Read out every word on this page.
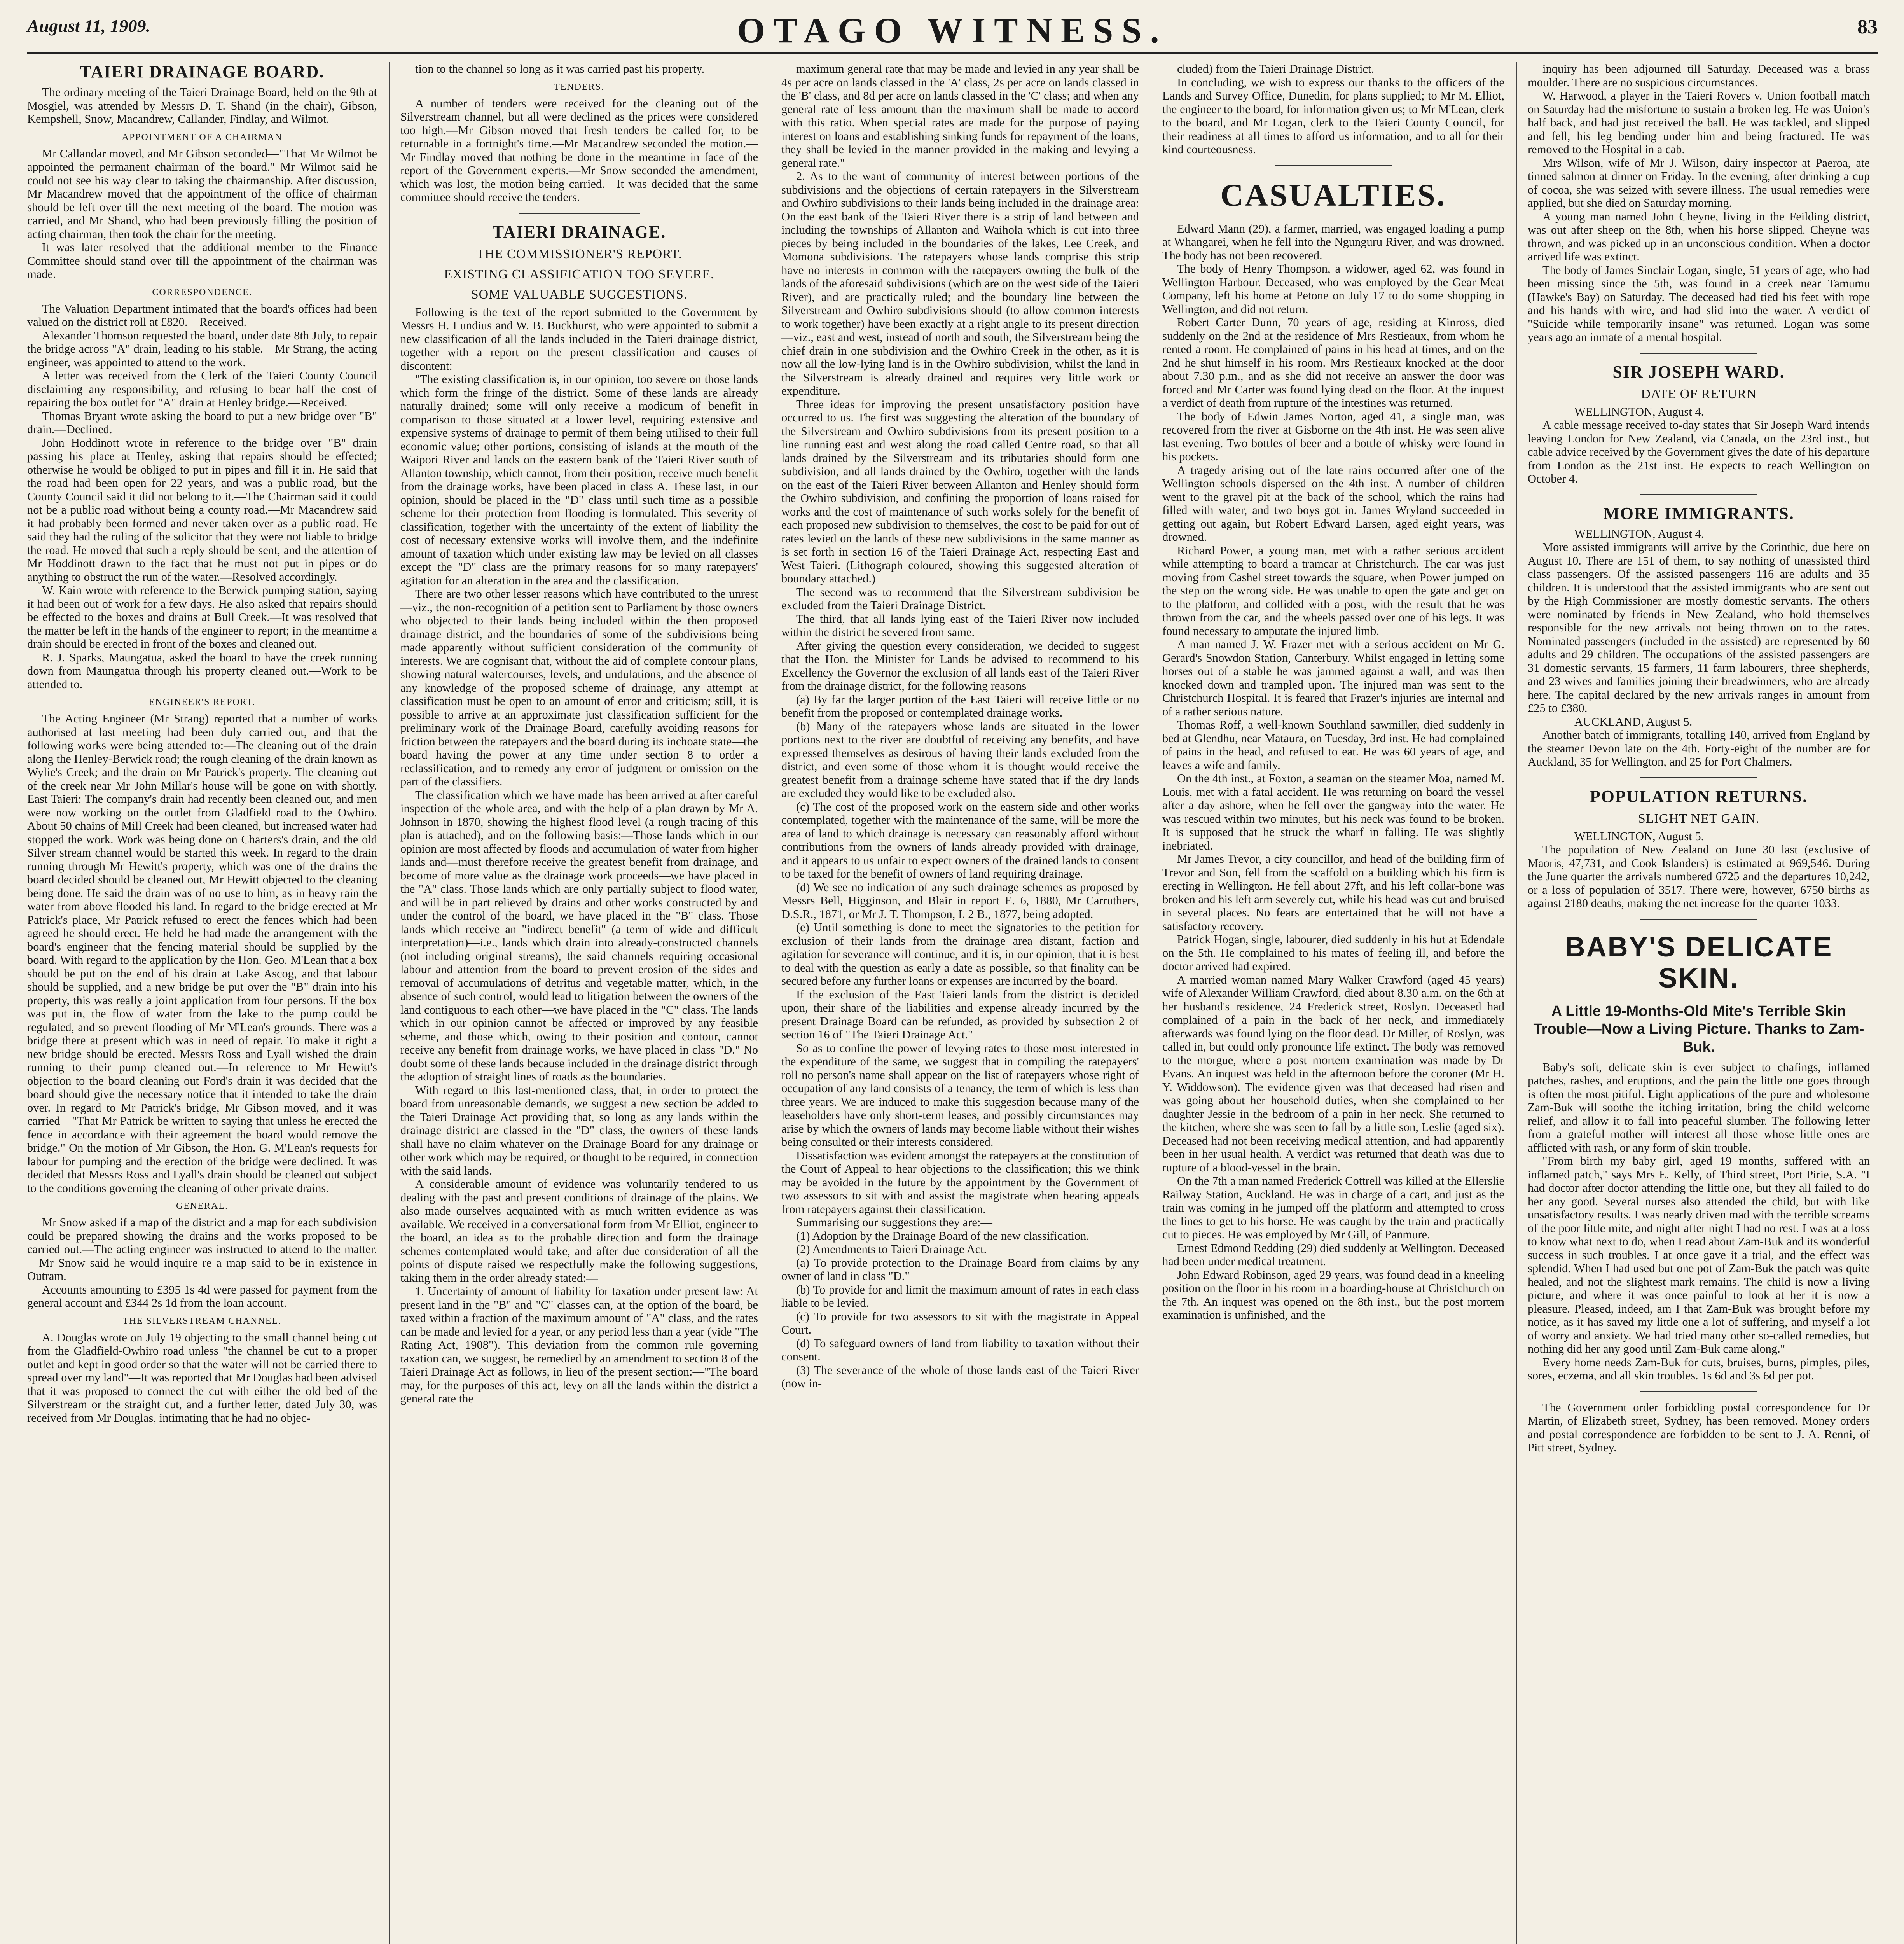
August 11, 1909.	OTAGO WITNESS.	83
TAIERI DRAINAGE BOARD.

The ordinary meeting of the Taieri Drainage Board, held on the 9th at Mosgiel, was attended by Messrs D. T. Shand (in the chair), Gibson, Kempshell, Snow, Macandrew, Callander, Findlay, and Wilmot.

APPOINTMENT OF A CHAIRMAN

Mr Callandar moved, and Mr Gibson seconded—"That Mr Wilmot be appointed the permanent chairman of the board." Mr Wilmot said he could not see his way clear to taking the chairmanship. After discussion, Mr Macandrew moved that the appointment of the office of chairman should be left over till the next meeting of the board. The motion was carried, and Mr Shand, who had been previously filling the position of acting chairman, then took the chair for the meeting.

It was later resolved that the additional member to the Finance Committee should stand over till the appointment of the chairman was made.

CORRESPONDENCE.

The Valuation Department intimated that the board's offices had been valued on the district roll at £820.—Received.

Alexander Thomson requested the board, under date 8th July, to repair the bridge across "A" drain, leading to his stable.—Mr Strang, the acting engineer, was appointed to attend to the work.

A letter was received from the Clerk of the Taieri County Council disclaiming any responsibility, and refusing to bear half the cost of repairing the box outlet for "A" drain at Henley bridge.—Received.

Thomas Bryant wrote asking the board to put a new bridge over "B" drain.—Declined.

John Hoddinott wrote in reference to the bridge over "B" drain passing his place at Henley, asking that repairs should be effected; otherwise he would be obliged to put in pipes and fill it in. He said that the road had been open for 22 years, and was a public road, but the County Council said it did not belong to it.—The Chairman said it could not be a public road without being a county road.—Mr Macandrew said it had probably been formed and never taken over as a public road. He said they had the ruling of the solicitor that they were not liable to bridge the road. He moved that such a reply should be sent, and the attention of Mr Hoddinott drawn to the fact that he must not put in pipes or do anything to obstruct the run of the water.—Resolved accordingly.

W. Kain wrote with reference to the Berwick pumping station, saying it had been out of work for a few days. He also asked that repairs should be effected to the boxes and drains at Bull Creek.—It was resolved that the matter be left in the hands of the engineer to report; in the meantime a drain should be erected in front of the boxes and cleaned out.

R. J. Sparks, Maungatua, asked the board to have the creek running down from Maungatua through his property cleaned out.—Work to be attended to.

ENGINEER'S REPORT.

The Acting Engineer (Mr Strang) reported that a number of works authorised at last meeting had been duly carried out, and that the following works were being attended to:—The cleaning out of the drain along the Henley-Berwick road; the rough cleaning of the drain known as Wylie's Creek; and the drain on Mr Patrick's property. The cleaning out of the creek near Mr John Millar's house will be gone on with shortly. East Taieri: The company's drain had recently been cleaned out, and men were now working on the outlet from Gladfield road to the Owhiro. About 50 chains of Mill Creek had been cleaned, but increased water had stopped the work. Work was being done on Charters's drain, and the old Silver stream channel would be started this week. In regard to the drain running through Mr Hewitt's property, which was one of the drains the board decided should be cleaned out, Mr Hewitt objected to the cleaning being done. He said the drain was of no use to him, as in heavy rain the water from above flooded his land. In regard to the bridge erected at Mr Patrick's place, Mr Patrick refused to erect the fences which had been agreed he should erect. He held he had made the arrangement with the board's engineer that the fencing material should be supplied by the board. With regard to the application by the Hon. Geo. M'Lean that a box should be put on the end of his drain at Lake Ascog, and that labour should be supplied, and a new bridge be put over the "B" drain into his property, this was really a joint application from four persons. If the box was put in, the flow of water from the lake to the pump could be regulated, and so prevent flooding of Mr M'Lean's grounds. There was a bridge there at present which was in need of repair. To make it right a new bridge should be erected. Messrs Ross and Lyall wished the drain running to their pump cleaned out.—In reference to Mr Hewitt's objection to the board cleaning out Ford's drain it was decided that the board should give the necessary notice that it intended to take the drain over. In regard to Mr Patrick's bridge, Mr Gibson moved, and it was carried—"That Mr Patrick be written to saying that unless he erected the fence in accordance with their agreement the board would remove the bridge." On the motion of Mr Gibson, the Hon. G. M'Lean's requests for labour for pumping and the erection of the bridge were declined. It was decided that Messrs Ross and Lyall's drain should be cleaned out subject to the conditions governing the cleaning of other private drains.

GENERAL.

Mr Snow asked if a map of the district and a map for each subdivision could be prepared showing the drains and the works proposed to be carried out.—The acting engineer was instructed to attend to the matter.—Mr Snow said he would inquire re a map said to be in existence in Outram.

Accounts amounting to £395 1s 4d were passed for payment from the general account and £344 2s 1d from the loan account.

THE SILVERSTREAM CHANNEL.

A. Douglas wrote on July 19 objecting to the small channel being cut from the Gladfield-Owhiro road unless "the channel be cut to a proper outlet and kept in good order so that the water will not be carried there to spread over my land"—It was reported that Mr Douglas had been advised that it was proposed to connect the cut with either the old bed of the Silverstream or the straight cut, and a further letter, dated July 30, was received from Mr Douglas, intimating that he had no objec-

tion to the channel so long as it was carried past his property.

TENDERS.

A number of tenders were received for the cleaning out of the Silverstream channel, but all were declined as the prices were considered too high.—Mr Gibson moved that fresh tenders be called for, to be returnable in a fortnight's time.—Mr Macandrew seconded the motion.—Mr Findlay moved that nothing be done in the meantime in face of the report of the Government experts.—Mr Snow seconded the amendment, which was lost, the motion being carried.—It was decided that the same committee should receive the tenders.

TAIERI DRAINAGE.
THE COMMISSIONER'S REPORT.
EXISTING CLASSIFICATION TOO SEVERE.
SOME VALUABLE SUGGESTIONS.

Following is the text of the report submitted to the Government by Messrs H. Lundius and W. B. Buckhurst, who were appointed to submit a new classification of all the lands included in the Taieri drainage district, together with a report on the present classification and causes of discontent:—

"The existing classification is, in our opinion, too severe on those lands which form the fringe of the district. Some of these lands are already naturally drained; some will only receive a modicum of benefit in comparison to those situated at a lower level, requiring extensive and expensive systems of drainage to permit of them being utilised to their full economic value; other portions, consisting of islands at the mouth of the Waipori River and lands on the eastern bank of the Taieri River south of Allanton township, which cannot, from their position, receive much benefit from the drainage works, have been placed in class A. These last, in our opinion, should be placed in the "D" class until such time as a possible scheme for their protection from flooding is formulated. This severity of classification, together with the uncertainty of the extent of liability the cost of necessary extensive works will involve them, and the indefinite amount of taxation which under existing law may be levied on all classes except the "D" class are the primary reasons for so many ratepayers' agitation for an alteration in the area and the classification.

There are two other lesser reasons which have contributed to the unrest—viz., the non-recognition of a petition sent to Parliament by those owners who objected to their lands being included within the then proposed drainage district, and the boundaries of some of the subdivisions being made apparently without sufficient consideration of the community of interests. We are cognisant that, without the aid of complete contour plans, showing natural watercourses, levels, and undulations, and the absence of any knowledge of the proposed scheme of drainage, any attempt at classification must be open to an amount of error and criticism; still, it is possible to arrive at an approximate just classification sufficient for the preliminary work of the Drainage Board, carefully avoiding reasons for friction between the ratepayers and the board during its inchoate state—the board having the power at any time under section 8 to order a reclassification, and to remedy any error of judgment or omission on the part of the classifiers.

The classification which we have made has been arrived at after careful inspection of the whole area, and with the help of a plan drawn by Mr A. Johnson in 1870, showing the highest flood level (a rough tracing of this plan is attached), and on the following basis:—Those lands which in our opinion are most affected by floods and accumulation of water from higher lands and—must therefore receive the greatest benefit from drainage, and become of more value as the drainage work proceeds—we have placed in the "A" class. Those lands which are only partially subject to flood water, and will be in part relieved by drains and other works constructed by and under the control of the board, we have placed in the "B" class. Those lands which receive an "indirect benefit" (a term of wide and difficult interpretation)—i.e., lands which drain into already-constructed channels (not including original streams), the said channels requiring occasional labour and attention from the board to prevent erosion of the sides and removal of accumulations of detritus and vegetable matter, which, in the absence of such control, would lead to litigation between the owners of the land contiguous to each other—we have placed in the "C" class. The lands which in our opinion cannot be affected or improved by any feasible scheme, and those which, owing to their position and contour, cannot receive any benefit from drainage works, we have placed in class "D." No doubt some of these lands because included in the drainage district through the adoption of straight lines of roads as the boundaries.

With regard to this last-mentioned class, that, in order to protect the board from unreasonable demands, we suggest a new section be added to the Taieri Drainage Act providing that, so long as any lands within the drainage district are classed in the "D" class, the owners of these lands shall have no claim whatever on the Drainage Board for any drainage or other work which may be required, or thought to be required, in connection with the said lands.

A considerable amount of evidence was voluntarily tendered to us dealing with the past and present conditions of drainage of the plains. We also made ourselves acquainted with as much written evidence as was available. We received in a conversational form from Mr Elliot, engineer to the board, an idea as to the probable direction and form the drainage schemes contemplated would take, and after due consideration of all the points of dispute raised we respectfully make the following suggestions, taking them in the order already stated:—

1. Uncertainty of amount of liability for taxation under present law: At present land in the "B" and "C" classes can, at the option of the board, be taxed within a fraction of the maximum amount of "A" class, and the rates can be made and levied for a year, or any period less than a year (vide "The Rating Act, 1908"). This deviation from the common rule governing taxation can, we suggest, be remedied by an amendment to section 8 of the Taieri Drainage Act as follows, in lieu of the present section:—"The board may, for the purposes of this act, levy on all the lands within the district a general rate the

maximum general rate that may be made and levied in any year shall be 4s per acre on lands classed in the 'A' class, 2s per acre on lands classed in the 'B' class, and 8d per acre on lands classed in the 'C' class; and when any general rate of less amount than the maximum shall be made to accord with this ratio. When special rates are made for the purpose of paying interest on loans and establishing sinking funds for repayment of the loans, they shall be levied in the manner provided in the making and levying a general rate."

2. As to the want of community of interest between portions of the subdivisions and the objections of certain ratepayers in the Silverstream and Owhiro subdivisions to their lands being included in the drainage area: On the east bank of the Taieri River there is a strip of land between and including the townships of Allanton and Waihola which is cut into three pieces by being included in the boundaries of the lakes, Lee Creek, and Momona subdivisions. The ratepayers whose lands comprise this strip have no interests in common with the ratepayers owning the bulk of the lands of the aforesaid subdivisions (which are on the west side of the Taieri River), and are practically ruled; and the boundary line between the Silverstream and Owhiro subdivisions should (to allow common interests to work together) have been exactly at a right angle to its present direction—viz., east and west, instead of north and south, the Silverstream being the chief drain in one subdivision and the Owhiro Creek in the other, as it is now all the low-lying land is in the Owhiro subdivision, whilst the land in the Silverstream is already drained and requires very little work or expenditure.

Three ideas for improving the present unsatisfactory position have occurred to us. The first was suggesting the alteration of the boundary of the Silverstream and Owhiro subdivisions from its present position to a line running east and west along the road called Centre road, so that all lands drained by the Silverstream and its tributaries should form one subdivision, and all lands drained by the Owhiro, together with the lands on the east of the Taieri River between Allanton and Henley should form the Owhiro subdivision, and confining the proportion of loans raised for works and the cost of maintenance of such works solely for the benefit of each proposed new subdivision to themselves, the cost to be paid for out of rates levied on the lands of these new subdivisions in the same manner as is set forth in section 16 of the Taieri Drainage Act, respecting East and West Taieri. (Lithograph coloured, showing this suggested alteration of boundary attached.)

The second was to recommend that the Silverstream subdivision be excluded from the Taieri Drainage District.

The third, that all lands lying east of the Taieri River now included within the district be severed from same.

After giving the question every consideration, we decided to suggest that the Hon. the Minister for Lands be advised to recommend to his Excellency the Governor the exclusion of all lands east of the Taieri River from the drainage district, for the following reasons—

(a) By far the larger portion of the East Taieri will receive little or no benefit from the proposed or contemplated drainage works.

(b) Many of the ratepayers whose lands are situated in the lower portions next to the river are doubtful of receiving any benefits, and have expressed themselves as desirous of having their lands excluded from the district, and even some of those whom it is thought would receive the greatest benefit from a drainage scheme have stated that if the dry lands are excluded they would like to be excluded also.

(c) The cost of the proposed work on the eastern side and other works contemplated, together with the maintenance of the same, will be more the area of land to which drainage is necessary can reasonably afford without contributions from the owners of lands already provided with drainage, and it appears to us unfair to expect owners of the drained lands to consent to be taxed for the benefit of owners of land requiring drainage.

(d) We see no indication of any such drainage schemes as proposed by Messrs Bell, Higginson, and Blair in report E. 6, 1880, Mr Carruthers, D.S.R., 1871, or Mr J. T. Thompson, I. 2 B., 1877, being adopted.

(e) Until something is done to meet the signatories to the petition for exclusion of their lands from the drainage area distant, faction and agitation for severance will continue, and it is, in our opinion, that it is best to deal with the question as early a date as possible, so that finality can be secured before any further loans or expenses are incurred by the board.

If the exclusion of the East Taieri lands from the district is decided upon, their share of the liabilities and expense already incurred by the present Drainage Board can be refunded, as provided by subsection 2 of section 16 of "The Taieri Drainage Act."

So as to confine the power of levying rates to those most interested in the expenditure of the same, we suggest that in compiling the ratepayers' roll no person's name shall appear on the list of ratepayers whose right of occupation of any land consists of a tenancy, the term of which is less than three years. We are induced to make this suggestion because many of the leaseholders have only short-term leases, and possibly circumstances may arise by which the owners of lands may become liable without their wishes being consulted or their interests considered.

Dissatisfaction was evident amongst the ratepayers at the constitution of the Court of Appeal to hear objections to the classification; this we think may be avoided in the future by the appointment by the Government of two assessors to sit with and assist the magistrate when hearing appeals from ratepayers against their classification.

Summarising our suggestions they are:—

(1) Adoption by the Drainage Board of the new classification.

(2) Amendments to Taieri Drainage Act.

(a) To provide protection to the Drainage Board from claims by any owner of land in class "D."

(b) To provide for and limit the maximum amount of rates in each class liable to be levied.

(c) To provide for two assessors to sit with the magistrate in Appeal Court.

(d) To safeguard owners of land from liability to taxation without their consent.

(3) The severance of the whole of those lands east of the Taieri River (now in-

cluded) from the Taieri Drainage District.

In concluding, we wish to express our thanks to the officers of the Lands and Survey Office, Dunedin, for plans supplied; to Mr M. Elliot, the engineer to the board, for information given us; to Mr M'Lean, clerk to the board, and Mr Logan, clerk to the Taieri County Council, for their readiness at all times to afford us information, and to all for their kind courteousness.

CASUALTIES.

Edward Mann (29), a farmer, married, was engaged loading a pump at Whangarei, when he fell into the Ngunguru River, and was drowned. The body has not been recovered.

The body of Henry Thompson, a widower, aged 62, was found in Wellington Harbour. Deceased, who was employed by the Gear Meat Company, left his home at Petone on July 17 to do some shopping in Wellington, and did not return.

Robert Carter Dunn, 70 years of age, residing at Kinross, died suddenly on the 2nd at the residence of Mrs Restieaux, from whom he rented a room. He complained of pains in his head at times, and on the 2nd he shut himself in his room. Mrs Restieaux knocked at the door about 7.30 p.m., and as she did not receive an answer the door was forced and Mr Carter was found lying dead on the floor. At the inquest a verdict of death from rupture of the intestines was returned.

The body of Edwin James Norton, aged 41, a single man, was recovered from the river at Gisborne on the 4th inst. He was seen alive last evening. Two bottles of beer and a bottle of whisky were found in his pockets.

A tragedy arising out of the late rains occurred after one of the Wellington schools dispersed on the 4th inst. A number of children went to the gravel pit at the back of the school, which the rains had filled with water, and two boys got in. James Wryland succeeded in getting out again, but Robert Edward Larsen, aged eight years, was drowned.

Richard Power, a young man, met with a rather serious accident while attempting to board a tramcar at Christchurch. The car was just moving from Cashel street towards the square, when Power jumped on the step on the wrong side. He was unable to open the gate and get on to the platform, and collided with a post, with the result that he was thrown from the car, and the wheels passed over one of his legs. It was found necessary to amputate the injured limb.

A man named J. W. Frazer met with a serious accident on Mr G. Gerard's Snowdon Station, Canterbury. Whilst engaged in letting some horses out of a stable he was jammed against a wall, and was then knocked down and trampled upon. The injured man was sent to the Christchurch Hospital. It is feared that Frazer's injuries are internal and of a rather serious nature.

Thomas Roff, a well-known Southland sawmiller, died suddenly in bed at Glendhu, near Mataura, on Tuesday, 3rd inst. He had complained of pains in the head, and refused to eat. He was 60 years of age, and leaves a wife and family.

On the 4th inst., at Foxton, a seaman on the steamer Moa, named M. Louis, met with a fatal accident. He was returning on board the vessel after a day ashore, when he fell over the gangway into the water. He was rescued within two minutes, but his neck was found to be broken. It is supposed that he struck the wharf in falling. He was slightly inebriated.

Mr James Trevor, a city councillor, and head of the building firm of Trevor and Son, fell from the scaffold on a building which his firm is erecting in Wellington. He fell about 27ft, and his left collar-bone was broken and his left arm severely cut, while his head was cut and bruised in several places. No fears are entertained that he will not have a satisfactory recovery.

Patrick Hogan, single, labourer, died suddenly in his hut at Edendale on the 5th. He complained to his mates of feeling ill, and before the doctor arrived had expired.

A married woman named Mary Walker Crawford (aged 45 years) wife of Alexander William Crawford, died about 8.30 a.m. on the 6th at her husband's residence, 24 Frederick street, Roslyn. Deceased had complained of a pain in the back of her neck, and immediately afterwards was found lying on the floor dead. Dr Miller, of Roslyn, was called in, but could only pronounce life extinct. The body was removed to the morgue, where a post mortem examination was made by Dr Evans. An inquest was held in the afternoon before the coroner (Mr H. Y. Widdowson). The evidence given was that deceased had risen and was going about her household duties, when she complained to her daughter Jessie in the bedroom of a pain in her neck. She returned to the kitchen, where she was seen to fall by a little son, Leslie (aged six). Deceased had not been receiving medical attention, and had apparently been in her usual health. A verdict was returned that death was due to rupture of a blood-vessel in the brain.

On the 7th a man named Frederick Cottrell was killed at the Ellerslie Railway Station, Auckland. He was in charge of a cart, and just as the train was coming in he jumped off the platform and attempted to cross the lines to get to his horse. He was caught by the train and practically cut to pieces. He was employed by Mr Gill, of Panmure.

Ernest Edmond Redding (29) died suddenly at Wellington. Deceased had been under medical treatment.

John Edward Robinson, aged 29 years, was found dead in a kneeling position on the floor in his room in a boarding-house at Christchurch on the 7th. An inquest was opened on the 8th inst., but the post mortem examination is unfinished, and the

inquiry has been adjourned till Saturday. Deceased was a brass moulder. There are no suspicious circumstances.

W. Harwood, a player in the Taieri Rovers v. Union football match on Saturday had the misfortune to sustain a broken leg. He was Union's half back, and had just received the ball. He was tackled, and slipped and fell, his leg bending under him and being fractured. He was removed to the Hospital in a cab.

Mrs Wilson, wife of Mr J. Wilson, dairy inspector at Paeroa, ate tinned salmon at dinner on Friday. In the evening, after drinking a cup of cocoa, she was seized with severe illness. The usual remedies were applied, but she died on Saturday morning.

A young man named John Cheyne, living in the Feilding district, was out after sheep on the 8th, when his horse slipped. Cheyne was thrown, and was picked up in an unconscious condition. When a doctor arrived life was extinct.

The body of James Sinclair Logan, single, 51 years of age, who had been missing since the 5th, was found in a creek near Tamumu (Hawke's Bay) on Saturday. The deceased had tied his feet with rope and his hands with wire, and had slid into the water. A verdict of "Suicide while temporarily insane" was returned. Logan was some years ago an inmate of a mental hospital.

SIR JOSEPH WARD.
DATE OF RETURN

WELLINGTON, August 4.

A cable message received to-day states that Sir Joseph Ward intends leaving London for New Zealand, via Canada, on the 23rd inst., but cable advice received by the Government gives the date of his departure from London as the 21st inst. He expects to reach Wellington on October 4.

MORE IMMIGRANTS.

WELLINGTON, August 4.

More assisted immigrants will arrive by the Corinthic, due here on August 10. There are 151 of them, to say nothing of unassisted third class passengers. Of the assisted passengers 116 are adults and 35 children. It is understood that the assisted immigrants who are sent out by the High Commissioner are mostly domestic servants. The others were nominated by friends in New Zealand, who hold themselves responsible for the new arrivals not being thrown on to the rates. Nominated passengers (included in the assisted) are represented by 60 adults and 29 children. The occupations of the assisted passengers are 31 domestic servants, 15 farmers, 11 farm labourers, three shepherds, and 23 wives and families joining their breadwinners, who are already here. The capital declared by the new arrivals ranges in amount from £25 to £380.

AUCKLAND, August 5.

Another batch of immigrants, totalling 140, arrived from England by the steamer Devon late on the 4th. Forty-eight of the number are for Auckland, 35 for Wellington, and 25 for Port Chalmers.

POPULATION RETURNS.
SLIGHT NET GAIN.

WELLINGTON, August 5.

The population of New Zealand on June 30 last (exclusive of Maoris, 47,731, and Cook Islanders) is estimated at 969,546. During the June quarter the arrivals numbered 6725 and the departures 10,242, or a loss of population of 3517. There were, however, 6750 births as against 2180 deaths, making the net increase for the quarter 1033.

BABY'S DELICATE SKIN.
A Little 19-Months-Old Mite's Terrible Skin Trouble—Now a Living Picture. Thanks to Zam-Buk.

Baby's soft, delicate skin is ever subject to chafings, inflamed patches, rashes, and eruptions, and the pain the little one goes through is often the most pitiful. Light applications of the pure and wholesome Zam-Buk will soothe the itching irritation, bring the child welcome relief, and allow it to fall into peaceful slumber. The following letter from a grateful mother will interest all those whose little ones are afflicted with rash, or any form of skin trouble.

"From birth my baby girl, aged 19 months, suffered with an inflamed patch," says Mrs E. Kelly, of Third street, Port Pirie, S.A. "I had doctor after doctor attending the little one, but they all failed to do her any good. Several nurses also attended the child, but with like unsatisfactory results. I was nearly driven mad with the terrible screams of the poor little mite, and night after night I had no rest. I was at a loss to know what next to do, when I read about Zam-Buk and its wonderful success in such troubles. I at once gave it a trial, and the effect was splendid. When I had used but one pot of Zam-Buk the patch was quite healed, and not the slightest mark remains. The child is now a living picture, and where it was once painful to look at her it is now a pleasure. Pleased, indeed, am I that Zam-Buk was brought before my notice, as it has saved my little one a lot of suffering, and myself a lot of worry and anxiety. We had tried many other so-called remedies, but nothing did her any good until Zam-Buk came along."

Every home needs Zam-Buk for cuts, bruises, burns, pimples, piles, sores, eczema, and all skin troubles. 1s 6d and 3s 6d per pot.

The Government order forbidding postal correspondence for Dr Martin, of Elizabeth street, Sydney, has been removed. Money orders and postal correspondence are forbidden to be sent to J. A. Renni, of Pitt street, Sydney.
